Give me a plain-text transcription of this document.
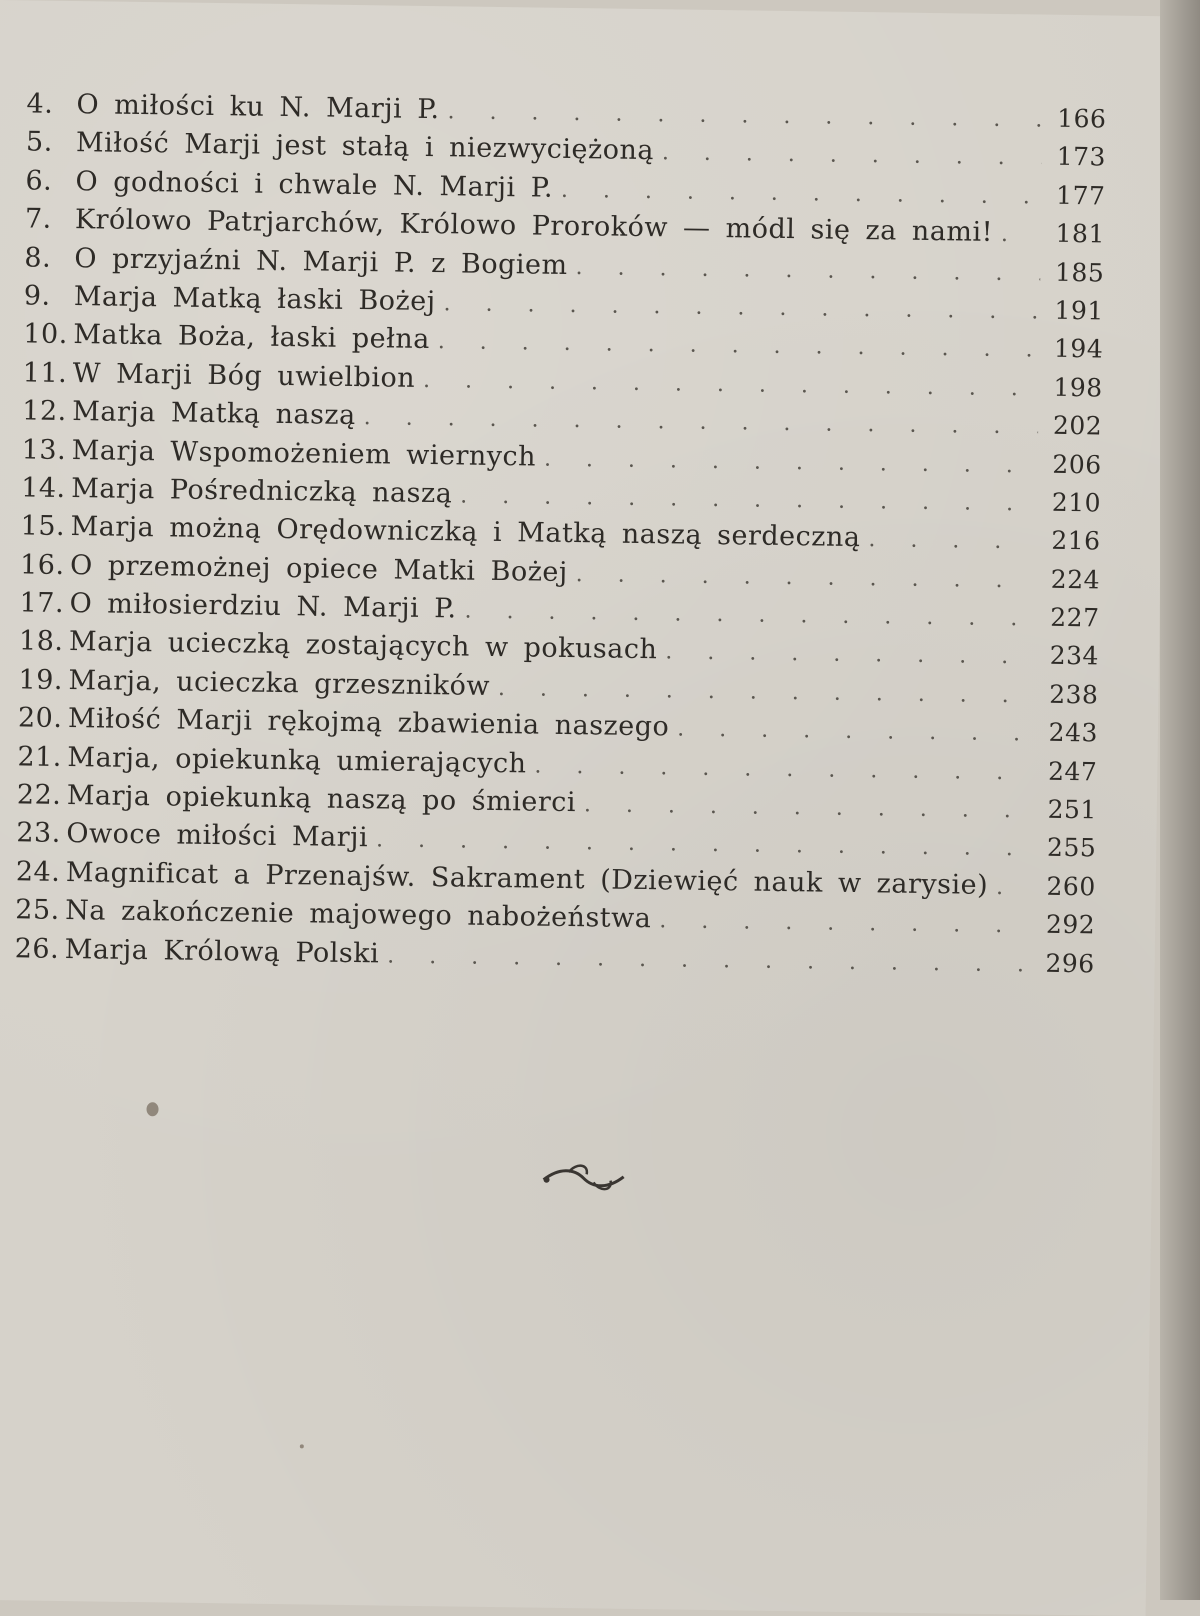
4. O miłości ku N. Marji P. . . .	166
5. Miłość Marji jest stałą i niezwyciężoną . . .	173
6. O godności i chwale N. Marji P. . . .	177
7. Królowo Patrjarchów, Królowo Proroków — módl się za nami! . . . 181
8. O przyjaźni N. Marji P. z Bogiem . . .	185
9. Marja Matką łaski Bożej . . .	191
10. Matka Boża, łaski pełna . . .	194
11. W Marji Bóg uwielbion . . .	198
12. Marja Matką naszą . . .	202
13. Marja Wspomożeniem wiernych . . .	206
14. Marja Pośredniczką naszą . . .	210
15. Marja możną Orędowniczką i Matką naszą serdeczną . . .	216
16. O przemożnej opiece Matki Bożej . . .	224
17. O miłosierdziu N. Marji P. . . .	227
18. Marja ucieczką zostających w pokusach . . .	234
19. Marja, ucieczka grzeszników . . .	238
20. Miłość Marji rękojmą zbawienia naszego . . .	243
21. Marja, opiekunką umierających . . .	247
22. Marja opiekunką naszą po śmierci . . .	251
23. Owoce miłości Marji . . .	255
24. Magnificat a Przenajśw. Sakrament (Dziewięć nauk w zarysie) . . . 260
25. Na zakończenie majowego nabożeństwa . . .	292
26. Marja Królową Polski . . .	296
